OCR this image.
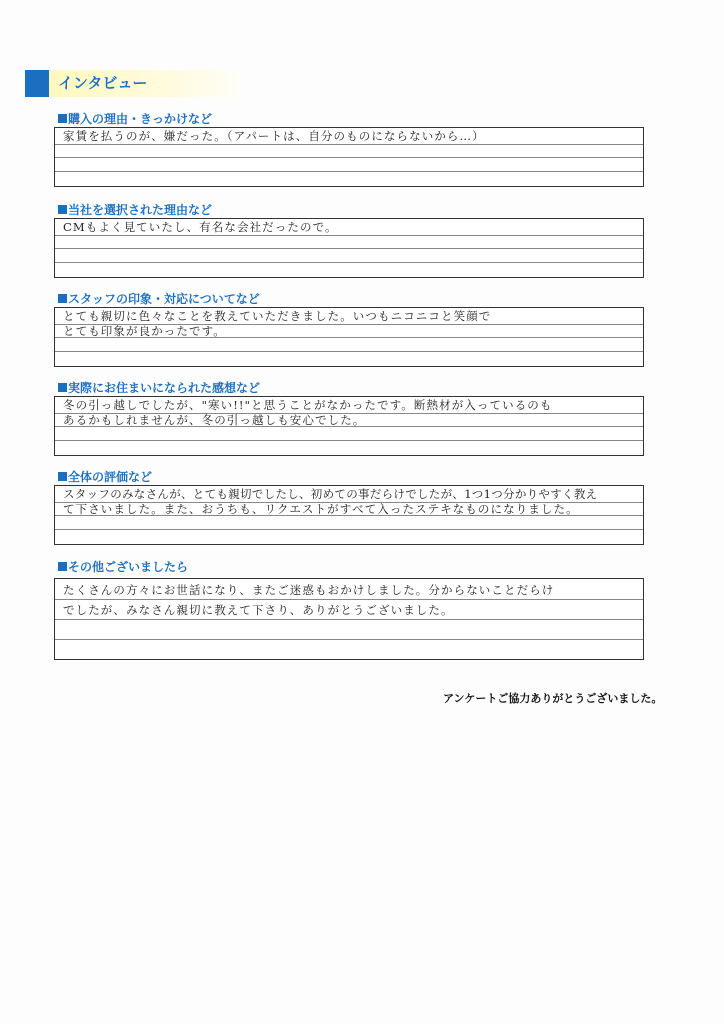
インタビュー
購入の理由・きっかけなど
家賃を払うのが、嫌だった。（アパートは、自分のものにならないから…）
当社を選択された理由など
CMもよく見ていたし、有名な会社だったので。
スタッフの印象・対応についてなど
とても親切に色々なことを教えていただきました。いつもニコニコと笑顔で
とても印象が良かったです。
実際にお住まいになられた感想など
冬の引っ越しでしたが、"寒い!!"と思うことがなかったです。断熱材が入っているのも
あるかもしれませんが、冬の引っ越しも安心でした。
全体の評価など
スタッフのみなさんが、とても親切でしたし、初めての事だらけでしたが、1つ1つ分かりやすく教え
て下さいました。また、おうちも、リクエストがすべて入ったステキなものになりました。
その他ございましたら
たくさんの方々にお世話になり、またご迷惑もおかけしました。分からないことだらけ
でしたが、みなさん親切に教えて下さり、ありがとうございました。
アンケートご協力ありがとうございました。
